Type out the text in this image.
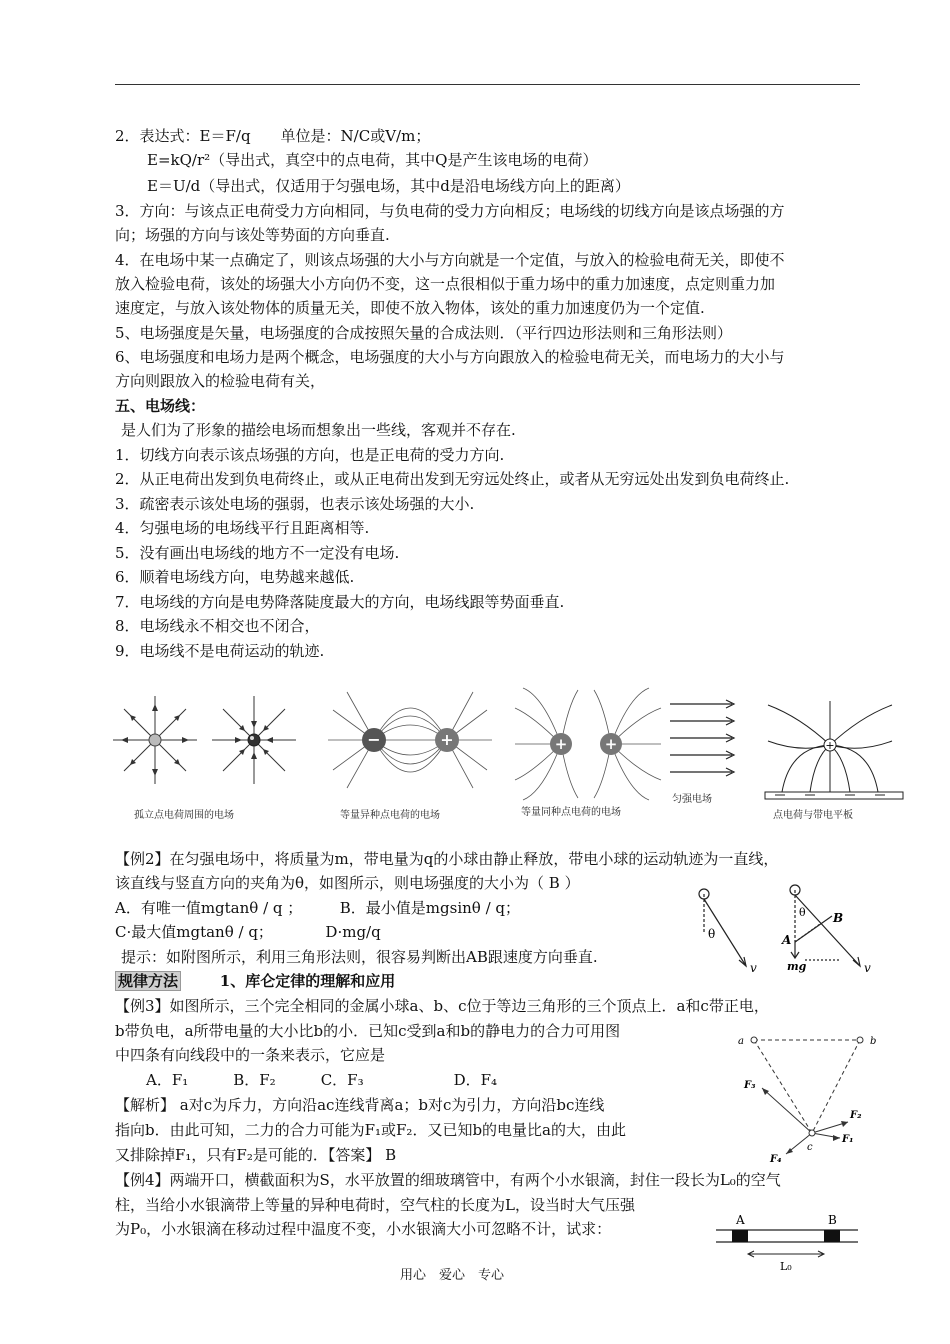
2．表达式：E＝F/q　　单位是：N/C或V/m；
E=kQ/r²（导出式，真空中的点电荷，其中Q是产生该电场的电荷）
E＝U/d（导出式，仅适用于匀强电场，其中d是沿电场线方向上的距离）
3．方向：与该点正电荷受力方向相同，与负电荷的受力方向相反；电场线的切线方向是该点场强的方
向；场强的方向与该处等势面的方向垂直.
4．在电场中某一点确定了，则该点场强的大小与方向就是一个定值，与放入的检验电荷无关，即使不
放入检验电荷，该处的场强大小方向仍不变，这一点很相似于重力场中的重力加速度，点定则重力加
速度定，与放入该处物体的质量无关，即使不放入物体，该处的重力加速度仍为一个定值.
5、电场强度是矢量，电场强度的合成按照矢量的合成法则．（平行四边形法则和三角形法则）
6、电场强度和电场力是两个概念，电场强度的大小与方向跟放入的检验电荷无关，而电场力的大小与
方向则跟放入的检验电荷有关，
五、电场线：
是人们为了形象的描绘电场而想象出一些线，客观并不存在.
1．切线方向表示该点场强的方向，也是正电荷的受力方向.
2．从正电荷出发到负电荷终止，或从正电荷出发到无穷远处终止，或者从无穷远处出发到负电荷终止.
3．疏密表示该处电场的强弱，也表示该处场强的大小.
4．匀强电场的电场线平行且距离相等.
5．没有画出电场线的地方不一定没有电场.
6．顺着电场线方向，电势越来越低.
7．电场线的方向是电势降落陡度最大的方向，电场线跟等势面垂直.
8．电场线永不相交也不闭合，
9．电场线不是电荷运动的轨迹.
孤立点电荷周围的电场
−	+
等量异种点电荷的电场
+ +
等量同种点电荷的电场
匀强电场
+
点电荷与带电平板
【例2】在匀强电场中，将质量为m，带电量为q的小球由静止释放，带电小球的运动轨迹为一直线，
该直线与竖直方向的夹角为θ，如图所示，则电场强度的大小为（ B ）
A．有唯一值mgtanθ / q ；　　　B．最小值是mgsinθ / q；
C·最大值mgtanθ / q；　　　　D·mg/q
提示：如附图所示，利用三角形法则，很容易判断出AB跟速度方向垂直.
θ
v
θ B
A
mg	v
规律方法	1、库仑定律的理解和应用
【例3】如图所示，三个完全相同的金属小球a、b、c位于等边三角形的三个顶点上．a和c带正电，
b带负电，a所带电量的大小比b的小．已知c受到a和b的静电力的合力可用图
中四条有向线段中的一条来表示，它应是
A．F₁　　　B．F₂　　　C．F₃　　　　　　D．F₄
【解析】 a对c为斥力，方向沿ac连线背离a；b对c为引力，方向沿bc连线
指向b．由此可知，二力的合力可能为F₁或F₂．又已知b的电量比a的大，由此
又排除掉F₁，只有F₂是可能的．【答案】 B
a	b
c
F₃
F₂
F₁
F₄
【例4】两端开口，横截面积为S，水平放置的细玻璃管中，有两个小水银滴，封住一段长为L₀的空气
柱，当给小水银滴带上等量的异种电荷时，空气柱的长度为L，设当时大气压强
为P₀，小水银滴在移动过程中温度不变，小水银滴大小可忽略不计，试求：	A	B
L₀
用心　爱心　专心
